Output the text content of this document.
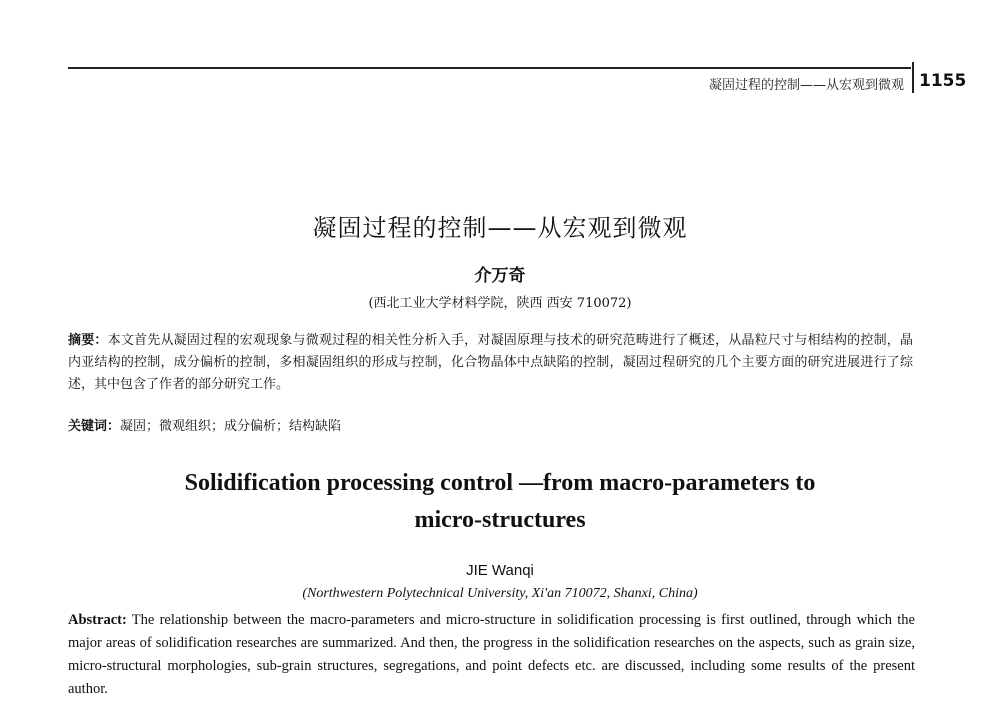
凝固过程的控制——从宏观到微观 1155
凝固过程的控制——从宏观到微观
介万奇
(西北工业大学材料学院，陕西 西安 710072)
摘要：本文首先从凝固过程的宏观现象与微观过程的相关性分析入手，对凝固原理与技术的研究范畴进行了概述，从晶粒尺寸与相结构的控制，晶内亚结构的控制，成分偏析的控制，多相凝固组织的形成与控制，化合物晶体中点缺陷的控制，凝固过程研究的几个主要方面的研究进展进行了综述，其中包含了作者的部分研究工作。
关键词：凝固；微观组织；成分偏析；结构缺陷
Solidification processing control —from macro-parameters to
micro-structures
JIE Wanqi
(Northwestern Polytechnical University, Xi'an 710072, Shanxi, China)
Abstract: The relationship between the macro-parameters and micro-structure in solidification processing is first outlined, through which the major areas of solidification researches are summarized. And then, the progress in the solidification researches on the aspects, such as grain size, micro-structural morphologies, sub-grain structures, segregations, and point defects etc. are discussed, including some results of the present author.
